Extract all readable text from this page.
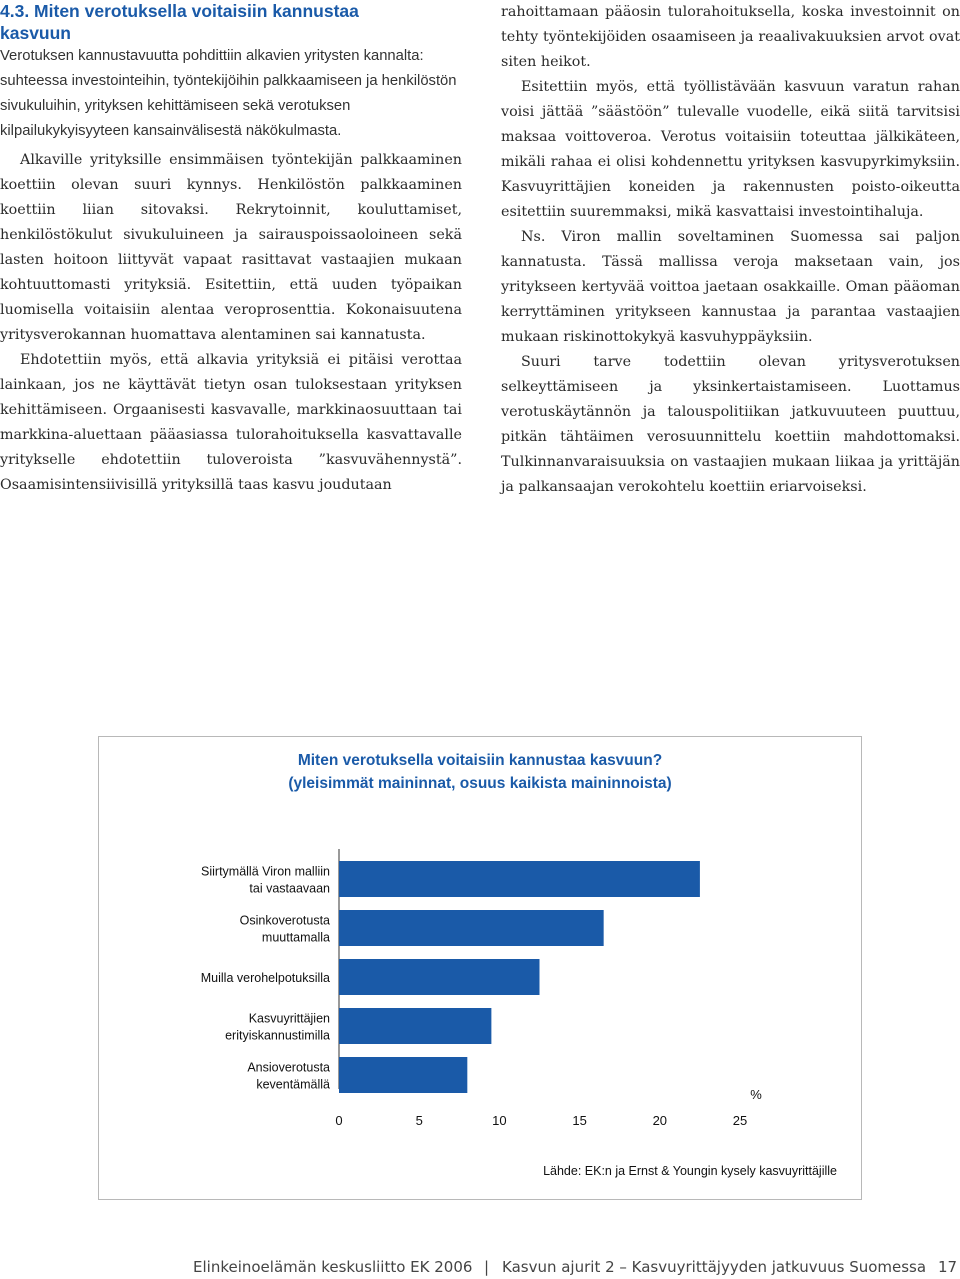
4.3. Miten verotuksella voitaisiin kannustaa
kasvuun

Verotuksen kannustavuutta pohdittiin alkavien yritysten kannalta: suhteessa investointeihin, työntekijöihin palkkaamiseen ja henkilöstön sivukuluihin, yrityksen kehittämiseen sekä verotuksen kilpailukykyisyyteen kansainvälisestä näkökulmasta.

Alkaville yrityksille ensimmäisen työntekijän palkkaaminen koettiin olevan suuri kynnys. Henkilöstön palkkaaminen koettiin liian sitovaksi. Rekrytoinnit, kouluttamiset, henkilöstökulut sivukuluineen ja sairauspoissaoloineen sekä lasten hoitoon liittyvät vapaat rasittavat vastaajien mukaan kohtuuttomasti yrityksiä. Esitettiin, että uuden työpaikan luomisella voitaisiin alentaa veroprosenttia. Kokonaisuutena yritysverokannan huomattava alentaminen sai kannatusta.

Ehdotettiin myös, että alkavia yrityksiä ei pitäisi verottaa lainkaan, jos ne käyttävät tietyn osan tuloksestaan yrityksen kehittämiseen. Orgaanisesti kasvavalle, markkinaosuuttaan tai markkina-aluettaan pääasiassa tulorahoituksella kasvattavalle yritykselle ehdotettiin tuloveroista ”kasvuvähennystä”. Osaamisintensiivisillä yrityksillä taas kasvu joudutaan

rahoittamaan pääosin tulorahoituksella, koska investoinnit on tehty työntekijöiden osaamiseen ja reaalivakuuksien arvot ovat siten heikot.

Esitettiin myös, että työllistävään kasvuun varatun rahan voisi jättää ”säästöön” tulevalle vuodelle, eikä siitä tarvitsisi maksaa voittoveroa. Verotus voitaisiin toteuttaa jälkikäteen, mikäli rahaa ei olisi kohdennettu yrityksen kasvupyrkimyksiin. Kasvuyrittäjien koneiden ja rakennusten poisto-oikeutta esitettiin suuremmaksi, mikä kasvattaisi investointihaluja.

Ns. Viron mallin soveltaminen Suomessa sai paljon kannatusta. Tässä mallissa veroja maksetaan vain, jos yritykseen kertyvää voittoa jaetaan osakkaille. Oman pääoman kerryttäminen yritykseen kannustaa ja parantaa vastaajien mukaan riskinottokykyä kasvuhyppäyksiin.

Suuri tarve todettiin olevan yritysverotuksen selkeyttämiseen ja yksinkertaistamiseen. Luottamus verotuskäytännön ja talouspolitiikan jatkuvuuteen puuttuu, pitkän tähtäimen verosuunnittelu koettiin mahdottomaksi. Tulkinnanvaraisuuksia on vastaajien mukaan liikaa ja yrittäjän ja palkansaajan verokohtelu koettiin eriarvoiseksi.

Miten verotuksella voitaisiin kannustaa kasvuun?
(yleisimmät maininnat, osuus kaikista maininnoista)
Siirtymällä Viron malliin
tai vastaavaan
Osinkoverotusta
muuttamalla
Muilla verohelpotuksilla
Kasvuyrittäjien
erityiskannustimilla
Ansioverotusta
keventämällä
0	5	10	15	20	25
%
Lähde: EK:n ja Ernst & Youngin kysely kasvuyrittäjille
Elinkeinoelämän keskusliitto EK 2006 | Kasvun ajurit 2 – Kasvuyrittäjyyden jatkuvuus Suomessa 17
